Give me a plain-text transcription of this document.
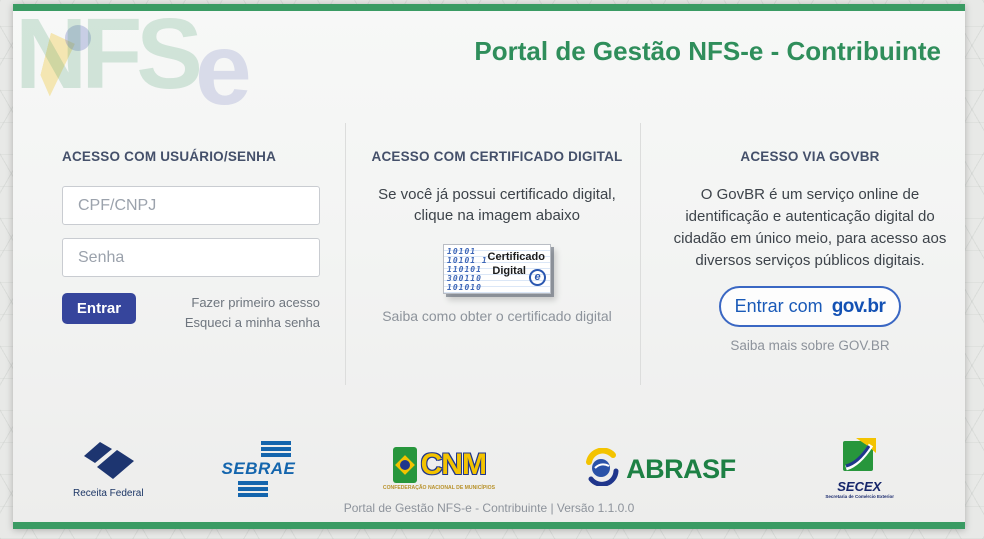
NFS
e	Portal de Gestão NFS-e - Contribuinte
ACESSO COM USUÁRIO/SENHA
CPF/CNPJ
Entrar	Fazer primeiro acesso
Esqueci a minha senha
ACESSO COM CERTIFICADO DIGITAL
Se você já possui certificado digital, clique na imagem abaixo
10101
10101 1
110101
300110
101010
Certificado
Digital e
Saiba como obter o certificado digital
ACESSO VIA GOVBR
O GovBR é um serviço online de identificação e autenticação digital do cidadão em único meio, para acesso aos diversos serviços públicos digitais.
Entrar com gov.br
Saiba mais sobre GOV.BR
Receita Federal
SEBRAE	CNM
CONFEDERAÇÃO NACIONAL DE MUNICÍPIOS
ABRASF
SECEX
Secretaria de Comércio Exterior
Portal de Gestão NFS-e - Contribuinte | Versão 1.1.0.0
